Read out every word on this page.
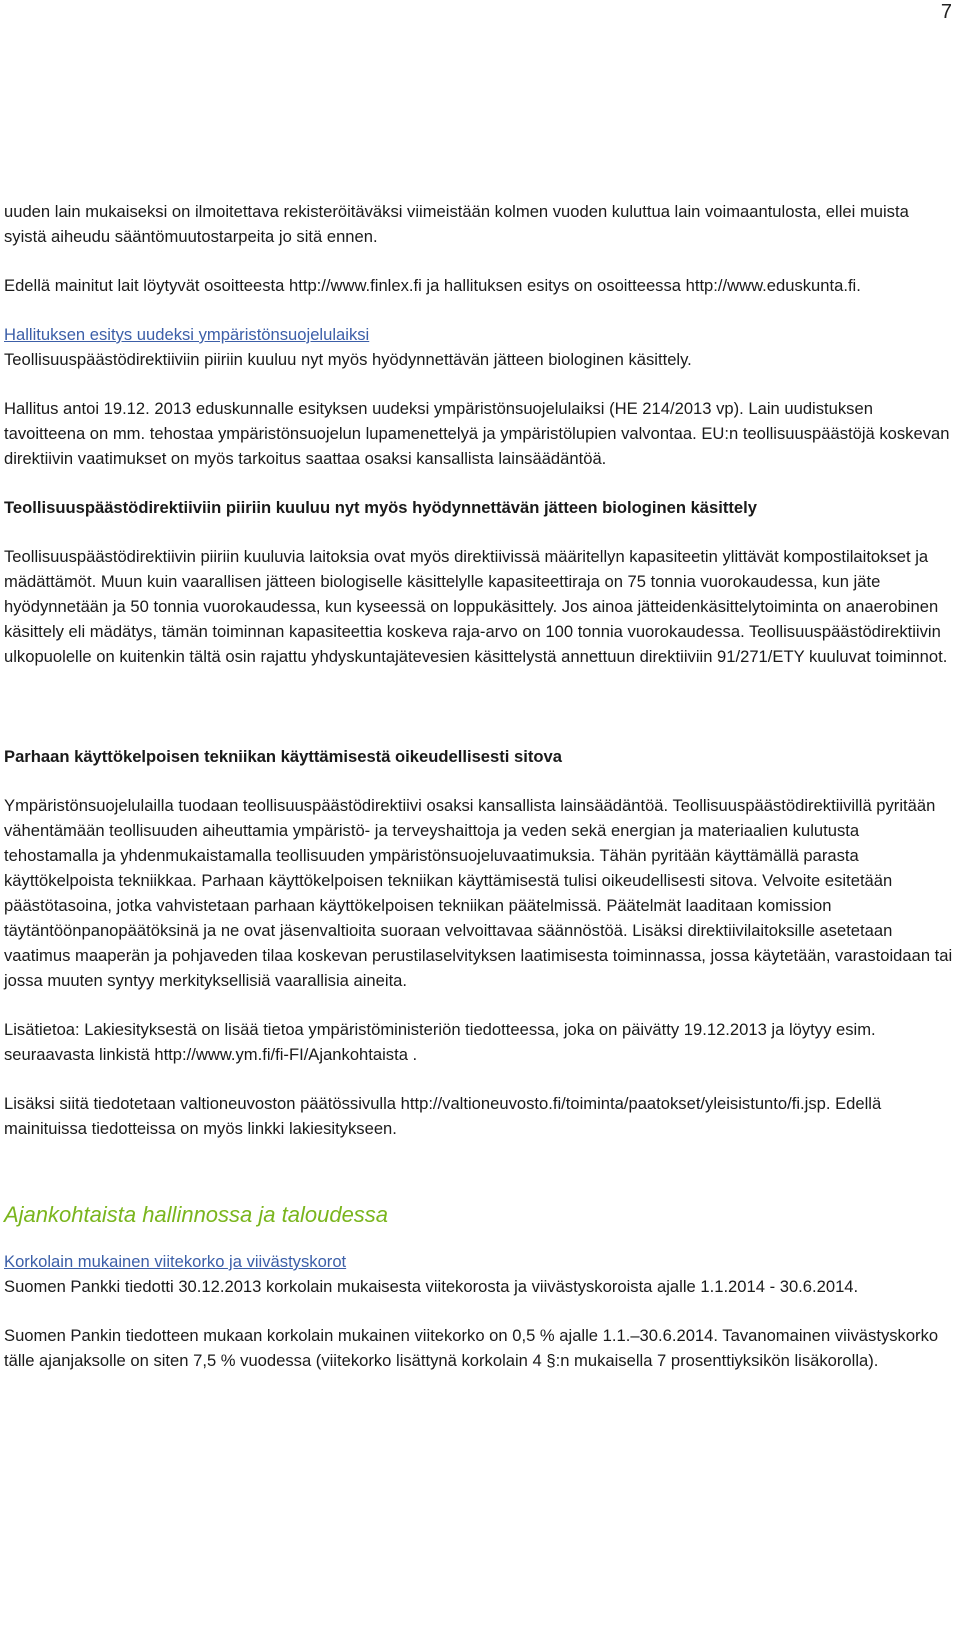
7

uuden lain mukaiseksi on ilmoitettava rekisteröitäväksi viimeistään kolmen vuoden kuluttua lain voimaantulosta, ellei muista syistä aiheudu sääntömuutostarpeita jo sitä ennen.

Edellä mainitut lait löytyvät osoitteesta http://www.finlex.fi ja hallituksen esitys on osoitteessa http://www.eduskunta.fi.

Hallituksen esitys uudeksi ympäristönsuojelulaiksi

Teollisuuspäästödirektiiviin piiriin kuuluu nyt myös hyödynnettävän jätteen biologinen käsittely.

Hallitus antoi 19.12. 2013 eduskunnalle esityksen uudeksi ympäristönsuojelulaiksi (HE 214/2013 vp). Lain uudistuksen tavoitteena on mm. tehostaa ympäristönsuojelun lupamenettelyä ja ympäristölupien valvontaa. EU:n teollisuuspäästöjä koskevan direktiivin vaatimukset on myös tarkoitus saattaa osaksi kansallista lainsäädäntöä.

Teollisuuspäästödirektiiviin piiriin kuuluu nyt myös hyödynnettävän jätteen biologinen käsittely

Teollisuuspäästödirektiivin piiriin kuuluvia laitoksia ovat myös direktiivissä määritellyn kapasiteetin ylittävät kompostilaitokset ja mädättämöt. Muun kuin vaarallisen jätteen biologiselle käsittelylle kapasiteettiraja on 75 tonnia vuorokaudessa, kun jäte hyödynnetään ja 50 tonnia vuorokaudessa, kun kyseessä on loppukäsittely. Jos ainoa jätteidenkäsittelytoiminta on anaerobinen käsittely eli mädätys, tämän toiminnan kapasiteettia koskeva raja-arvo on 100 tonnia vuorokaudessa. Teollisuuspäästödirektiivin ulkopuolelle on kuitenkin tältä osin rajattu yhdyskuntajätevesien käsittelystä annettuun direktiiviin 91/271/ETY kuuluvat toiminnot.

Parhaan käyttökelpoisen tekniikan käyttämisestä oikeudellisesti sitova

Ympäristönsuojelulailla tuodaan teollisuuspäästödirektiivi osaksi kansallista lainsäädäntöä. Teollisuuspäästödirektiivillä pyritään vähentämään teollisuuden aiheuttamia ympäristö- ja terveyshaittoja ja veden sekä energian ja materiaalien kulutusta tehostamalla ja yhdenmukaistamalla teollisuuden ympäristönsuojeluvaatimuksia. Tähän pyritään käyttämällä parasta käyttökelpoista tekniikkaa. Parhaan käyttökelpoisen tekniikan käyttämisestä tulisi oikeudellisesti sitova. Velvoite esitetään päästötasoina, jotka vahvistetaan parhaan käyttökelpoisen tekniikan päätelmissä. Päätelmät laaditaan komission täytäntöönpanopäätöksinä ja ne ovat jäsenvaltioita suoraan velvoittavaa säännöstöä. Lisäksi direktiivilaitoksille asetetaan vaatimus maaperän ja pohjaveden tilaa koskevan perustilaselvityksen laatimisesta toiminnassa, jossa käytetään, varastoidaan tai jossa muuten syntyy merkityksellisiä vaarallisia aineita.

Lisätietoa: Lakiesityksestä on lisää tietoa ympäristöministeriön tiedotteessa, joka on päivätty 19.12.2013 ja löytyy esim. seuraavasta linkistä http://www.ym.fi/fi-FI/Ajankohtaista .

Lisäksi siitä tiedotetaan valtioneuvoston päätössivulla http://valtioneuvosto.fi/toiminta/paatokset/yleisistunto/fi.jsp. Edellä mainituissa tiedotteissa on myös linkki lakiesitykseen.

Ajankohtaista hallinnossa ja taloudessa

Korkolain mukainen viitekorko ja viivästyskorot

Suomen Pankki tiedotti 30.12.2013 korkolain mukaisesta viitekorosta ja viivästyskoroista ajalle 1.1.2014 - 30.6.2014.

Suomen Pankin tiedotteen mukaan korkolain mukainen viitekorko on 0,5 % ajalle 1.1.–30.6.2014. Tavanomainen viivästyskorko tälle ajanjaksolle on siten 7,5 % vuodessa (viitekorko lisättynä korkolain 4 §:n mukaisella 7 prosenttiyksikön lisäkorolla).
